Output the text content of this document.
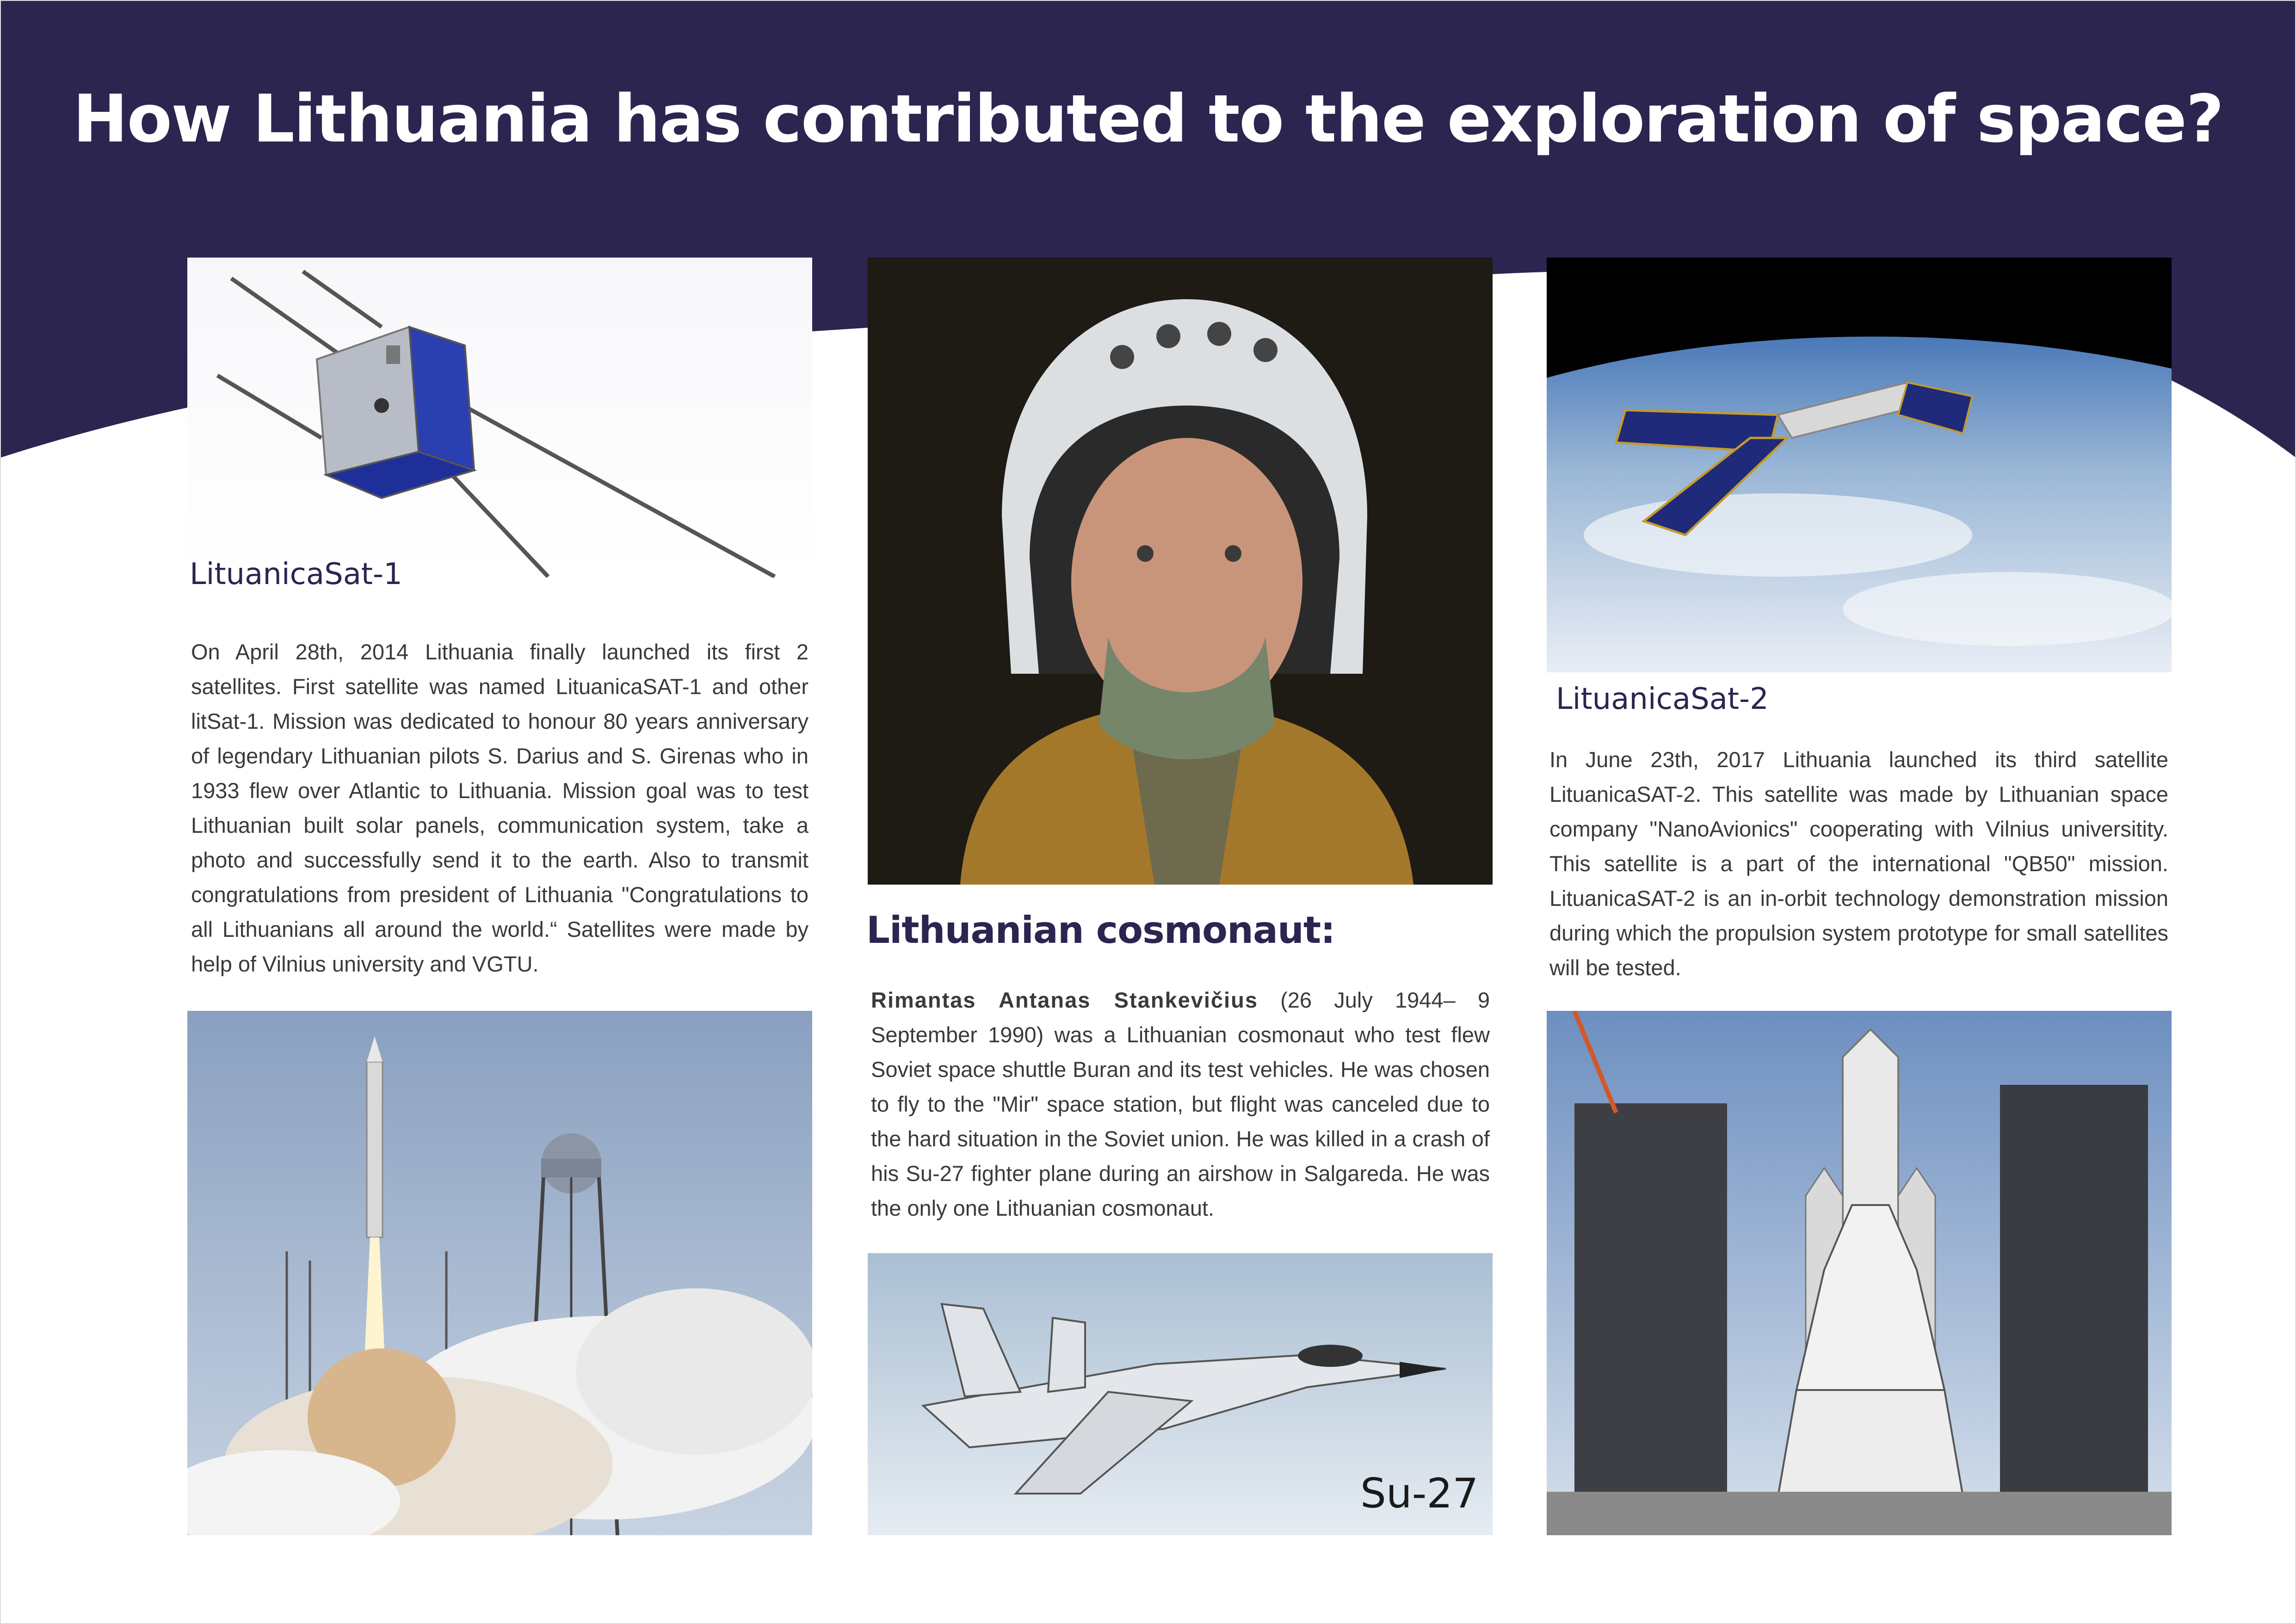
How Lithuania has contributed to the exploration of space?

LituanicaSat-1

On April 28th, 2014 Lithuania finally launched its first 2 satellites. First satellite was named LituanicaSAT-1 and other litSat-1. Mission was dedicated to honour 80 years anniversary of legendary Lithuanian pilots S. Darius and S. Girenas who in 1933 flew over Atlantic to Lithuania. Mission goal was to test Lithuanian built solar panels, communication system, take a photo and successfully send it to the earth. Also to transmit congratulations from president of Lithuania "Congratulations to all Lithuanians all around the world.“ Satellites were made by help of Vilnius university and VGTU.

Lithuanian cosmonaut:

Rimantas Antanas Stankevičius (26 July 1944– 9 September 1990) was a Lithuanian cosmonaut who test flew Soviet space shuttle Buran and its test vehicles. He was chosen to fly to the "Mir" space station, but flight was canceled due to the hard situation in the Soviet union. He was killed in a crash of his Su-27 fighter plane during an airshow in Salgareda. He was the only one Lithuanian cosmonaut.

Su-27

LituanicaSat-2

In June 23th, 2017 Lithuania launched its third satellite LituanicaSAT-2. This satellite was made by Lithuanian space company "NanoAvionics" cooperating with Vilnius universitity. This satellite is a part of the international "QB50" mission. LituanicaSAT-2 is an in-orbit technology demonstration mission during which the propulsion system prototype for small satellites will be tested.
